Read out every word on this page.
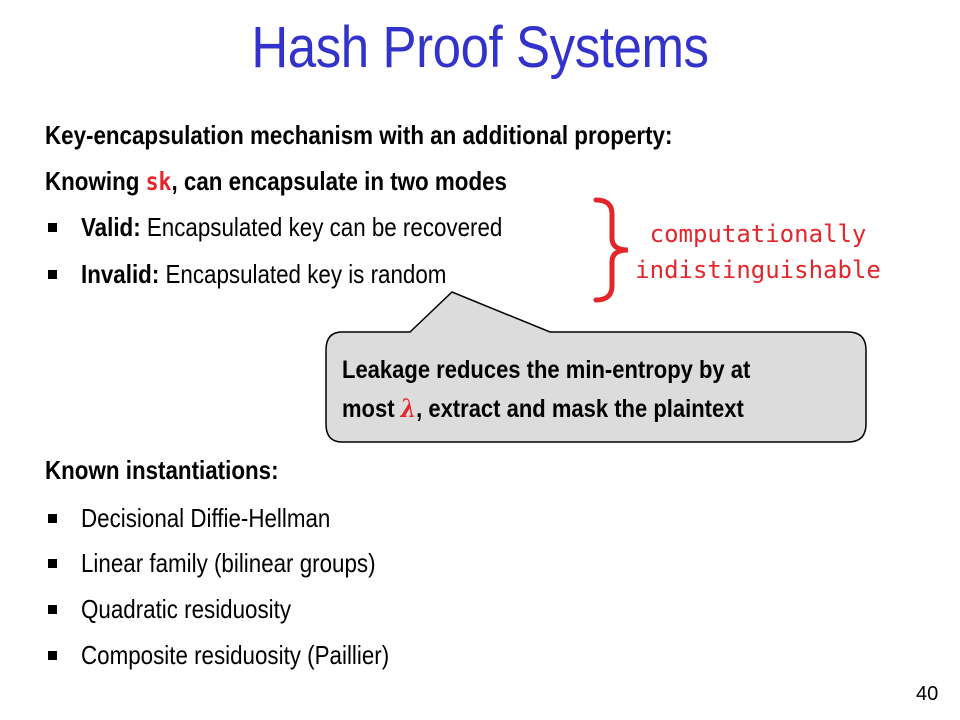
Hash Proof Systems
Key-encapsulation mechanism with an additional property:
Knowing sk, can encapsulate in two modes
Valid: Encapsulated key can be recovered
Invalid: Encapsulated key is random
computationally
indistinguishable
Leakage reduces the min-entropy by at
most λ, extract and mask the plaintext
Known instantiations:
Decisional Diffie-Hellman
Linear family (bilinear groups)
Quadratic residuosity
Composite residuosity (Paillier)
40
